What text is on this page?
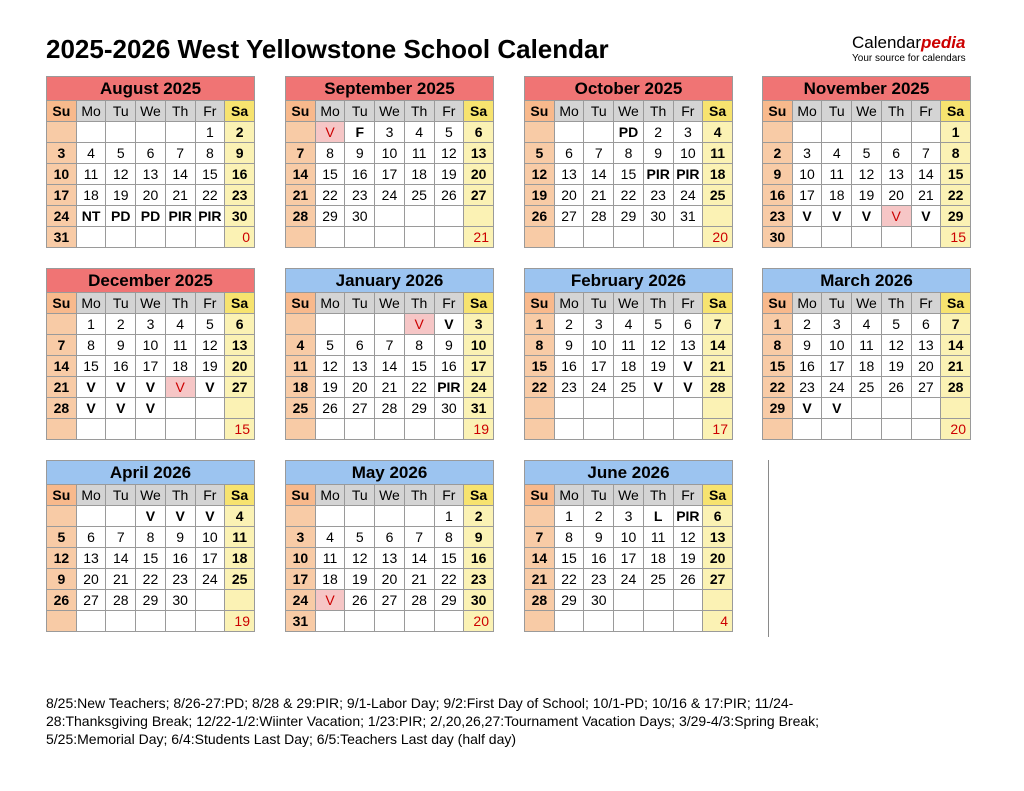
2025-2026 West Yellowstone School Calendar	Calendarpedia
Your source for calendars
August 2025						
Su	Mo	Tu	We	Th	Fr	Sa
					1	2
3	4	5	6	7	8	9
10	11	12	13	14	15	16
17	18	19	20	21	22	23
24	NT	PD	PD	PIR	PIR	30
31						0
September 2025						
Su	Mo	Tu	We	Th	Fr	Sa
	V	F	3	4	5	6
7	8	9	10	11	12	13
14	15	16	17	18	19	20
21	22	23	24	25	26	27
28	29	30				
						21
October 2025						
Su	Mo	Tu	We	Th	Fr	Sa
			PD	2	3	4
5	6	7	8	9	10	11
12	13	14	15	PIR	PIR	18
19	20	21	22	23	24	25
26	27	28	29	30	31	
						20
November 2025						
Su	Mo	Tu	We	Th	Fr	Sa
						1
2	3	4	5	6	7	8
9	10	11	12	13	14	15
16	17	18	19	20	21	22
23	V	V	V	V	V	29
30						15
December 2025						
Su	Mo	Tu	We	Th	Fr	Sa
	1	2	3	4	5	6
7	8	9	10	11	12	13
14	15	16	17	18	19	20
21	V	V	V	V	V	27
28	V	V	V			
						15
January 2026						
Su	Mo	Tu	We	Th	Fr	Sa
				V	V	3
4	5	6	7	8	9	10
11	12	13	14	15	16	17
18	19	20	21	22	PIR	24
25	26	27	28	29	30	31
						19
February 2026						
Su	Mo	Tu	We	Th	Fr	Sa
1	2	3	4	5	6	7
8	9	10	11	12	13	14
15	16	17	18	19	V	21
22	23	24	25	V	V	28

						17
March 2026						
Su	Mo	Tu	We	Th	Fr	Sa
1	2	3	4	5	6	7
8	9	10	11	12	13	14
15	16	17	18	19	20	21
22	23	24	25	26	27	28
29	V	V				
						20
April 2026						
Su	Mo	Tu	We	Th	Fr	Sa
			V	V	V	4
5	6	7	8	9	10	11
12	13	14	15	16	17	18
9	20	21	22	23	24	25
26	27	28	29	30		
						19
May 2026						
Su	Mo	Tu	We	Th	Fr	Sa
					1	2
3	4	5	6	7	8	9
10	11	12	13	14	15	16
17	18	19	20	21	22	23
24	V	26	27	28	29	30
31						20
June 2026						
Su	Mo	Tu	We	Th	Fr	Sa
	1	2	3	L	PIR	6
7	8	9	10	11	12	13
14	15	16	17	18	19	20
21	22	23	24	25	26	27
28	29	30				
						4
8/25:New Teachers; 8/26-27:PD; 8/28 & 29:PIR; 9/1-Labor Day; 9/2:First Day of School; 10/1-PD; 10/16 & 17:PIR; 11/24-
28:Thanksgiving Break; 12/22-1/2:Wiinter Vacation; 1/23:PIR; 2/,20,26,27:Tournament Vacation Days; 3/29-4/3:Spring Break;
5/25:Memorial Day; 6/4:Students Last Day; 6/5:Teachers Last day (half day)
